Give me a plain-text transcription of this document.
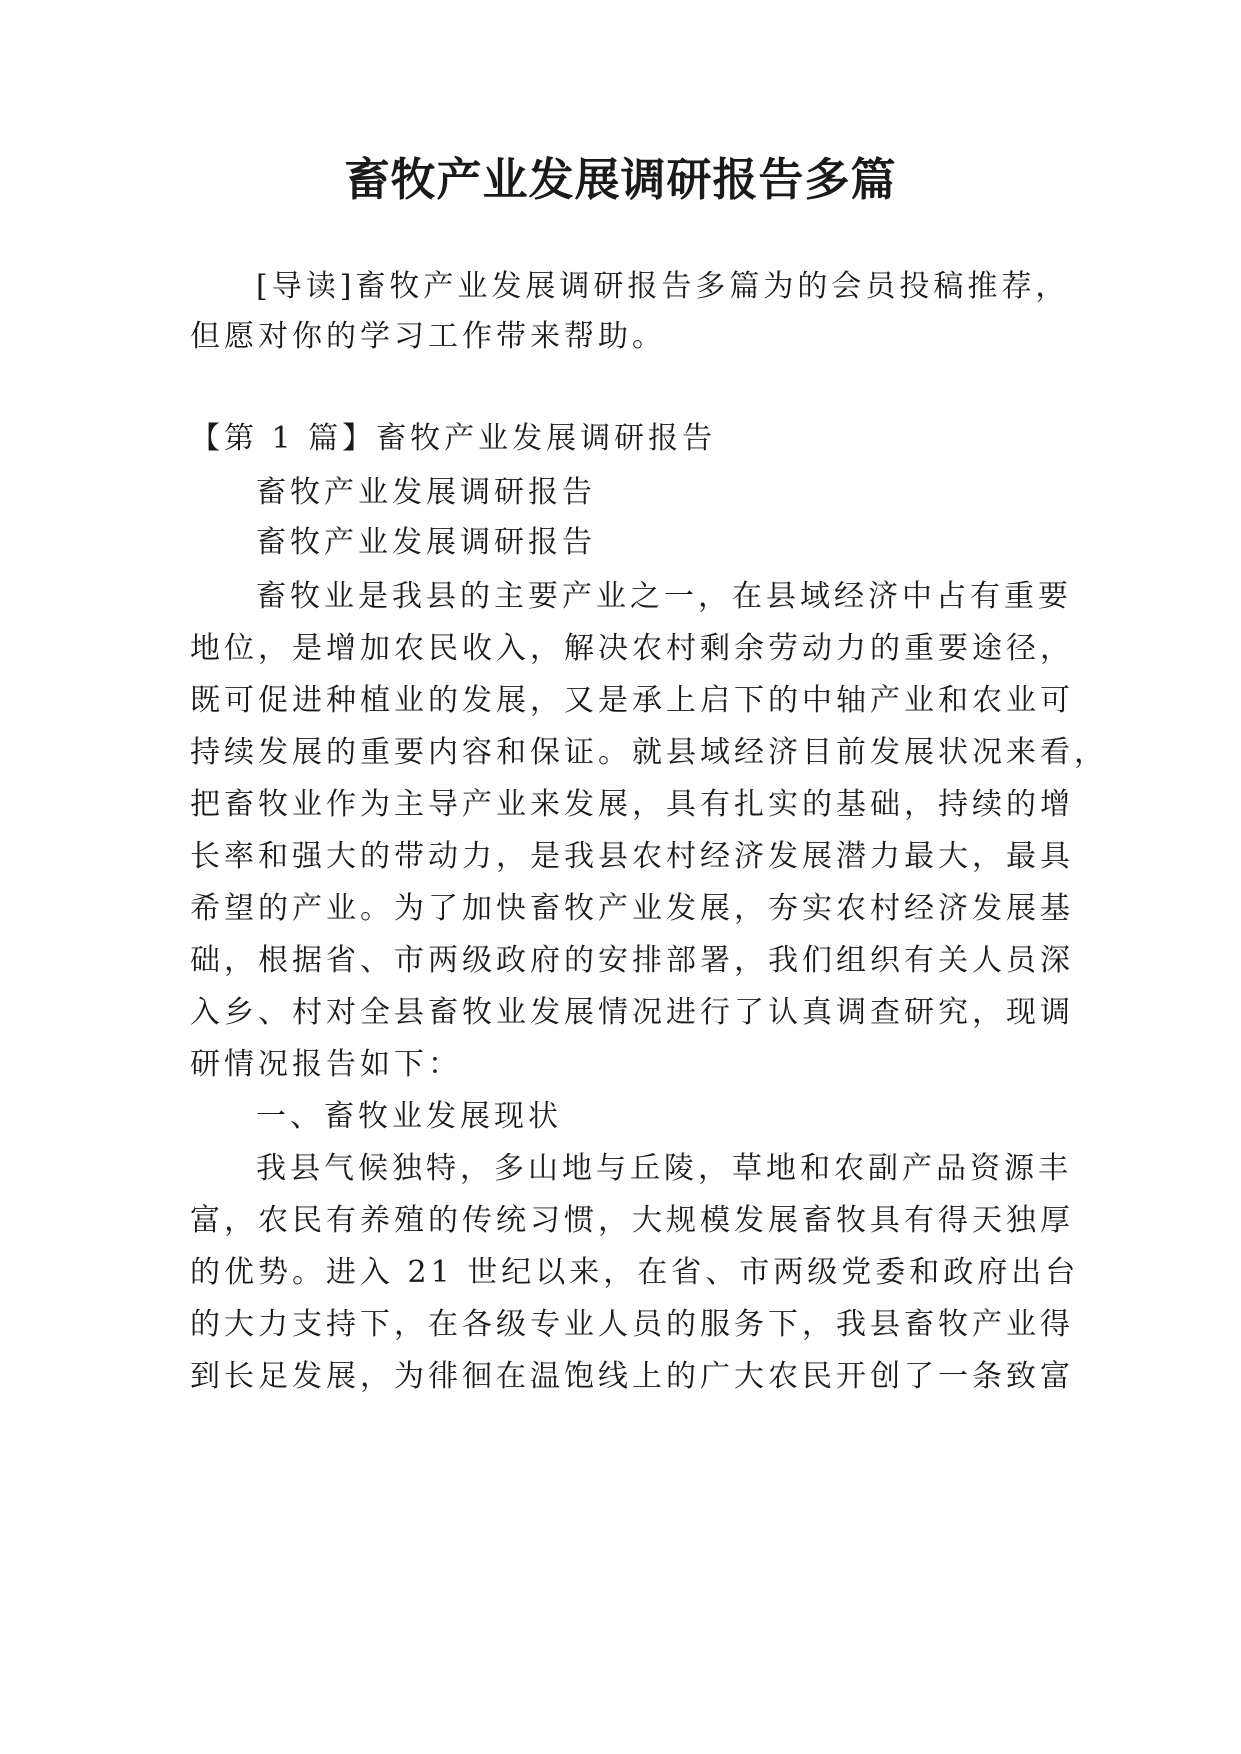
畜牧产业发展调研报告多篇
[导读]畜牧产业发展调研报告多篇为的会员投稿推荐，
但愿对你的学习工作带来帮助。
【第 1 篇】畜牧产业发展调研报告
畜牧产业发展调研报告
畜牧产业发展调研报告
畜牧业是我县的主要产业之一，在县域经济中占有重要
地位，是增加农民收入，解决农村剩余劳动力的重要途径，
既可促进种植业的发展，又是承上启下的中轴产业和农业可
持续发展的重要内容和保证。就县域经济目前发展状况来看，
把畜牧业作为主导产业来发展，具有扎实的基础，持续的增
长率和强大的带动力，是我县农村经济发展潜力最大，最具
希望的产业。为了加快畜牧产业发展，夯实农村经济发展基
础，根据省、市两级政府的安排部署，我们组织有关人员深
入乡、村对全县畜牧业发展情况进行了认真调查研究，现调
研情况报告如下：
一、畜牧业发展现状
我县气候独特，多山地与丘陵，草地和农副产品资源丰
富，农民有养殖的传统习惯，大规模发展畜牧具有得天独厚
的优势。进入 21 世纪以来，在省、市两级党委和政府出台
的大力支持下，在各级专业人员的服务下，我县畜牧产业得
到长足发展，为徘徊在温饱线上的广大农民开创了一条致富
